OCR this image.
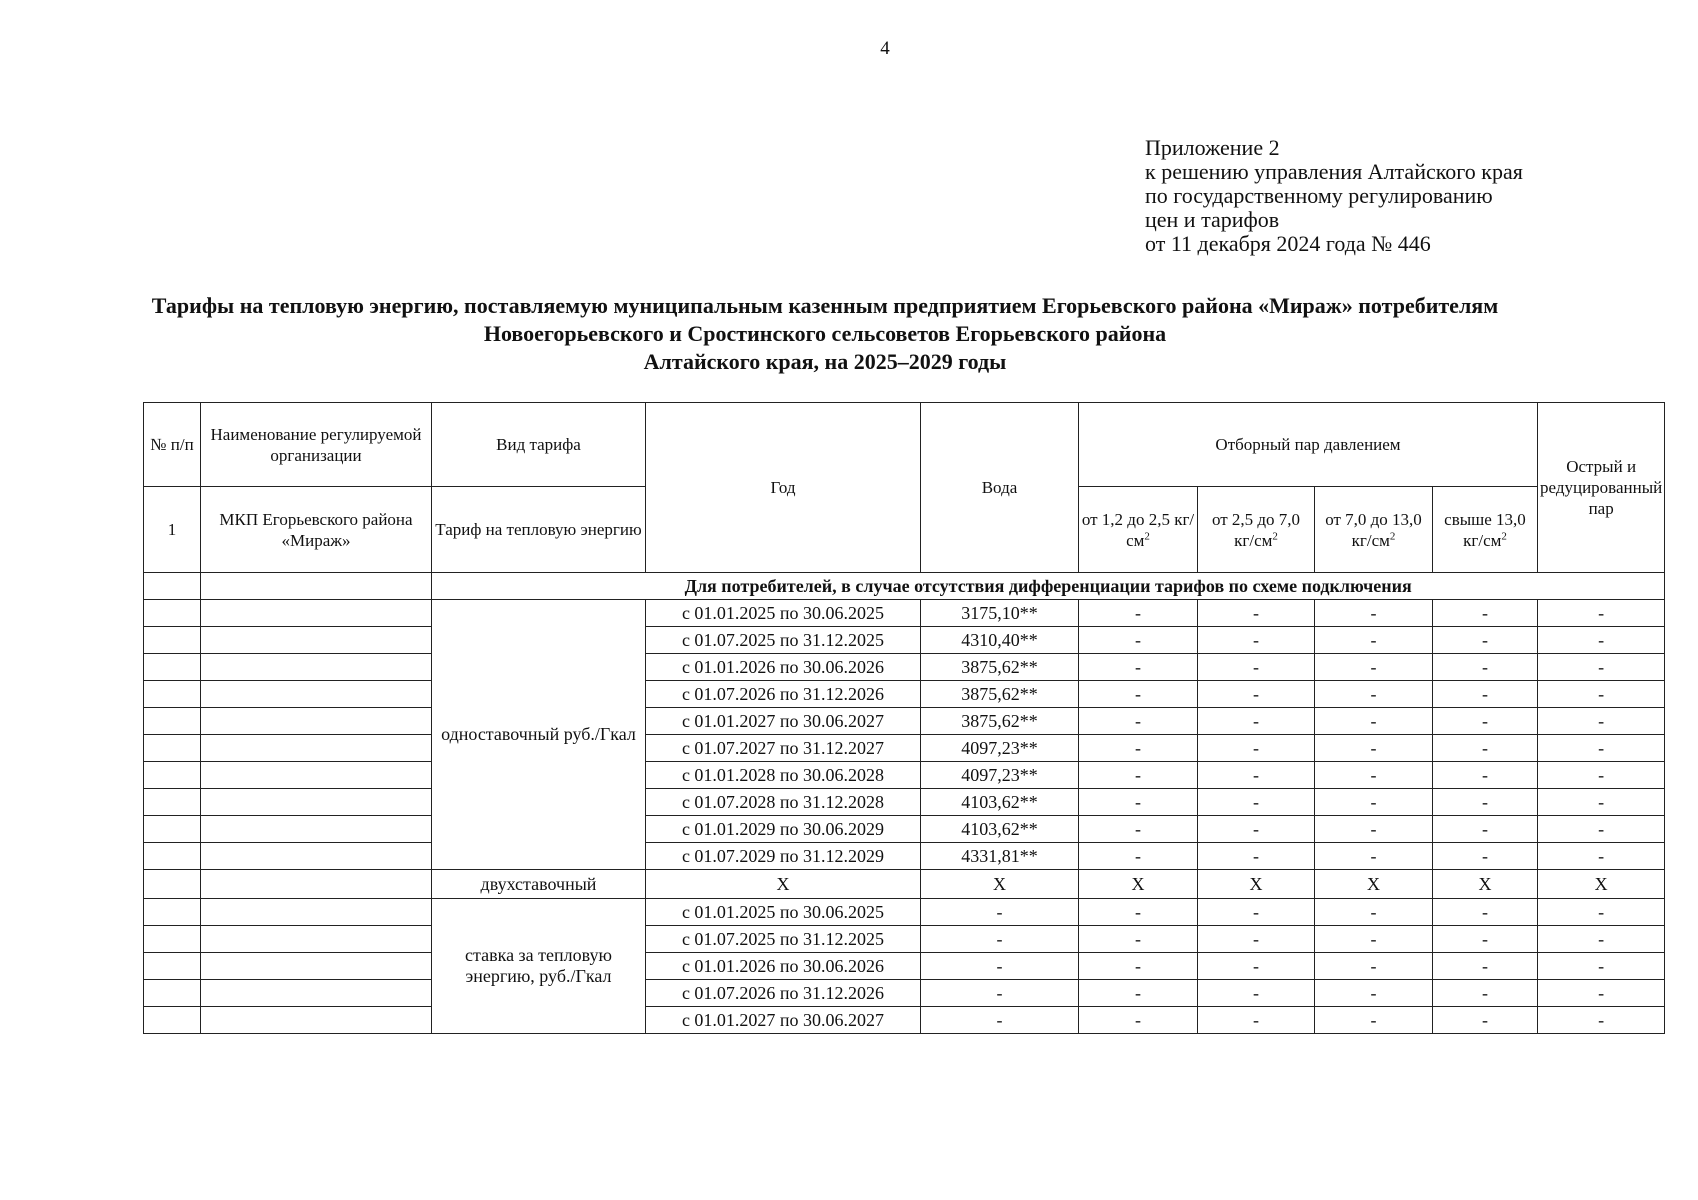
4
Приложение 2
к решению управления Алтайского края
по государственному регулированию
цен и тарифов
от 11 декабря 2024 года № 446
Тарифы на тепловую энергию, поставляемую муниципальным казенным предприятием Егорьевского района «Мираж» потребителям
Новоегорьевского и Сростинского сельсоветов Егорьевского района
Алтайского края, на 2025–2029 годы
№ п/п	Наименование регулируемой организации	Вид тарифа	Год	Вода	Отборный пар давлением				Острый и редуцированный пар
1	МКП Егорьевского района «Мираж»	Тариф на тепловую энергию			от 1,2 до 2,5 $кг/см^2$	от 2,5 до 7,0 $кг/см^2$	от 7,0 до 13,0 $кг/см^2$	свыше 13,0 $кг/см^2$
		Для потребителей, в случае отсутствия дифференциации тарифов по схеме подключения							
		одноставочный руб./Гкал	с 01.01.2025 по 30.06.2025	3175,10**	-	-	-	-	-
			с 01.07.2025 по 31.12.2025	4310,40**	-	-	-	-	-
			с 01.01.2026 по 30.06.2026	3875,62**	-	-	-	-	-
			с 01.07.2026 по 31.12.2026	3875,62**	-	-	-	-	-
			с 01.01.2027 по 30.06.2027	3875,62**	-	-	-	-	-
			с 01.07.2027 по 31.12.2027	4097,23**	-	-	-	-	-
			с 01.01.2028 по 30.06.2028	4097,23**	-	-	-	-	-
			с 01.07.2028 по 31.12.2028	4103,62**	-	-	-	-	-
			с 01.01.2029 по 30.06.2029	4103,62**	-	-	-	-	-
			с 01.07.2029 по 31.12.2029	4331,81**	-	-	-	-	-
		двухставочный	X	X	X	X	X	X	X
		ставка за тепловую энергию, руб./Гкал	с 01.01.2025 по 30.06.2025	-	-	-	-	-	-
			с 01.07.2025 по 31.12.2025	-	-	-	-	-	-
			с 01.01.2026 по 30.06.2026	-	-	-	-	-	-
			с 01.07.2026 по 31.12.2026	-	-	-	-	-	-
			с 01.01.2027 по 30.06.2027	-	-	-	-	-	-
